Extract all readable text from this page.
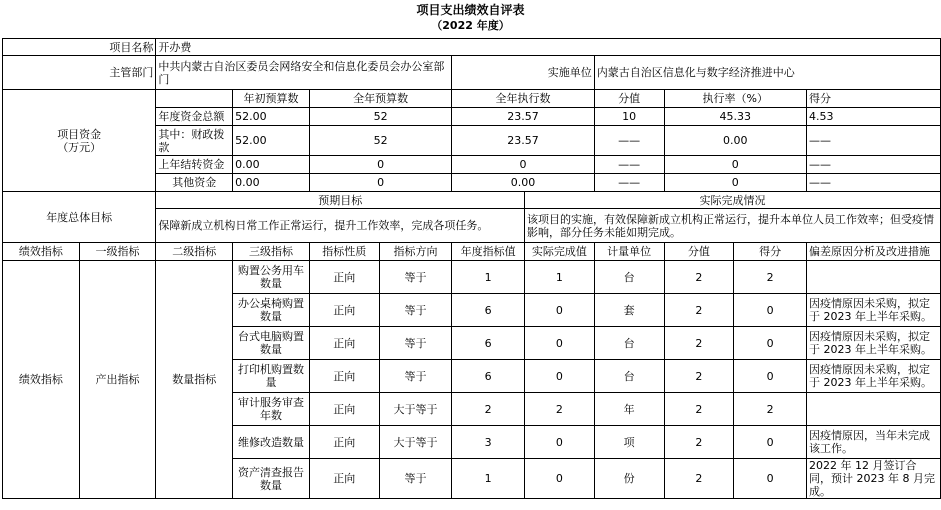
项目支出绩效自评表
（2022 年度）
项目名称		开办费									
主管部门		中共内蒙古自治区委员会网络安全和信息化委员会办公室部门				实施单位		内蒙古自治区信息化与数字经济推进中心			
项目资金
（万元）			年初预算数	全年预算数		全年执行数		分值	执行率（%）		得分
		年度资金总额	52.00	52		23.57		10	45.33		4.53
		其中：财政拨款	52.00	52		23.57		——	0.00		——
		上年结转资金	0.00	0		0		——	0		——
		其他资金	0.00	0		0.00		——	0		——
年度总体目标		预期目标					实际完成情况				
		保障新成立机构日常工作正常运行，提升工作效率，完成各项任务。					该项目的实施，有效保障新成立机构正常运行，提升本单位人员工作效率；但受疫情影响，部分任务未能如期完成。				
绩效指标	一级指标	二级指标	三级指标	指标性质	指标方向	年度指标值	实际完成值	计量单位	分值	得分	偏差原因分析及改进措施
绩效指标	产出指标	数量指标	购置公务用车数量	正向	等于	1	1	台	2	2	
			办公桌椅购置数量	正向	等于	6	0	套	2	0	因疫情原因未采购，拟定于 2023 年上半年采购。
			台式电脑购置数量	正向	等于	6	0	台	2	0	因疫情原因未采购，拟定于 2023 年上半年采购。
			打印机购置数量	正向	等于	6	0	台	2	0	因疫情原因未采购，拟定于 2023 年上半年采购。
			审计服务审查年数	正向	大于等于	2	2	年	2	2	
			维修改造数量	正向	大于等于	3	0	项	2	0	因疫情原因，当年未完成该工作。
			资产清查报告数量	正向	等于	1	0	份	2	0	2022 年 12 月签订合同，预计 2023 年 8 月完成。
